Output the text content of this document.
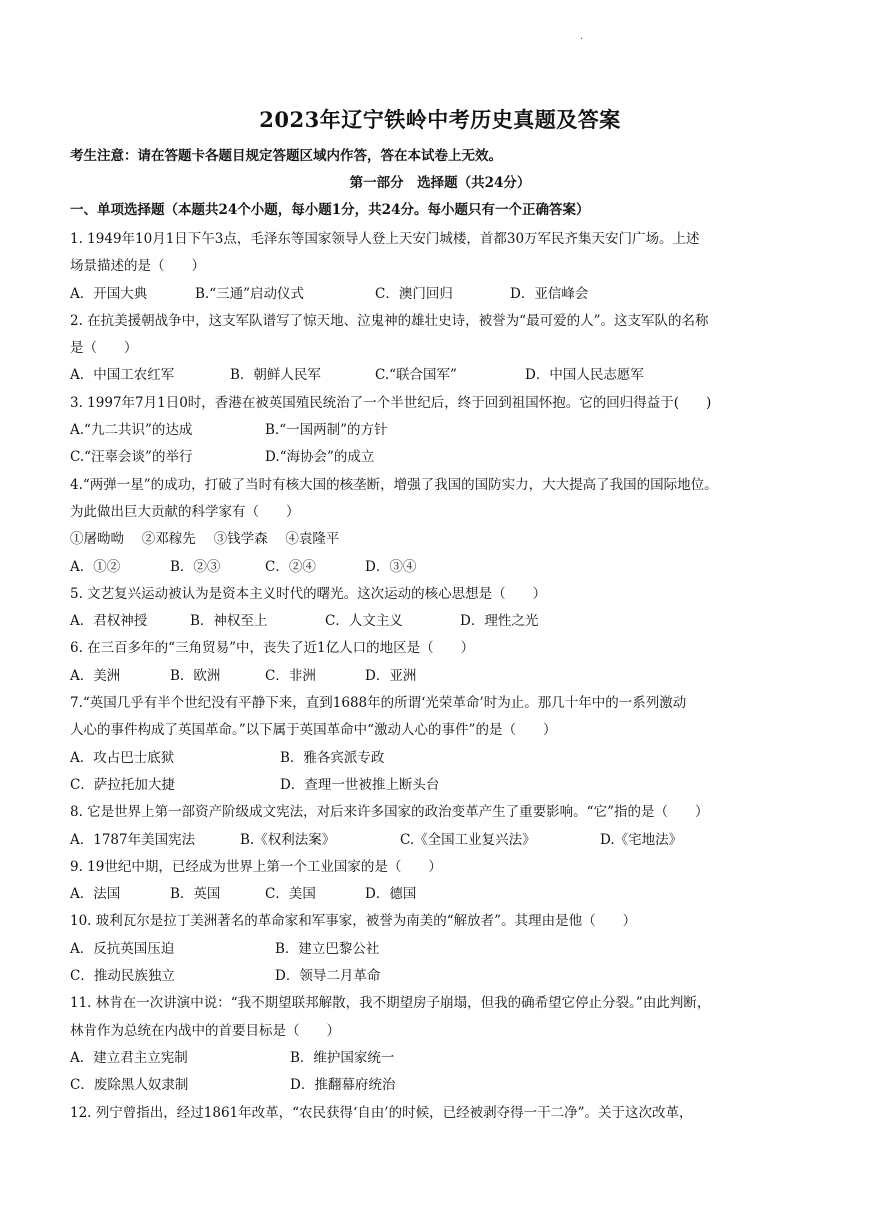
·
2023年辽宁铁岭中考历史真题及答案
考生注意：请在答题卡各题目规定答题区域内作答，答在本试卷上无效。
第一部分　选择题（共24分）
一、单项选择题（本题共24个小题，每小题1分，共24分。每小题只有一个正确答案）
1. 1949年10月1日下午3点，毛泽东等国家领导人登上天安门城楼，首都30万军民齐集天安门广场。上述
场景描述的是（　　）
A．开国大典	B.“三通”启动仪式	C．澳门回归	D．亚信峰会
2. 在抗美援朝战争中，这支军队谱写了惊天地、泣鬼神的雄壮史诗，被誉为“最可爱的人”。这支军队的名称
是（　　）
A．中国工农红军	B．朝鲜人民军	C.“联合国军”	D．中国人民志愿军
3. 1997年7月1日0时，香港在被英国殖民统治了一个半世纪后，终于回到祖国怀抱。它的回归得益于(　　)
A.“九二共识”的达成	B.“一国两制”的方针
C.“汪辜会谈”的举行	D.“海协会”的成立
4.“两弹一星”的成功，打破了当时有核大国的核垄断，增强了我国的国防实力，大大提高了我国的国际地位。
为此做出巨大贡献的科学家有（　　）
①屠呦呦　 ②邓稼先　 ③钱学森　 ④袁隆平
A．①②	B．②③	C．②④	D．③④
5. 文艺复兴运动被认为是资本主义时代的曙光。这次运动的核心思想是（　　）
A．君权神授	B．神权至上	C．人文主义	D．理性之光
6. 在三百多年的“三角贸易”中，丧失了近1亿人口的地区是（　　）
A．美洲	B．欧洲	C．非洲	D．亚洲
7.“英国几乎有半个世纪没有平静下来，直到1688年的所谓‘光荣革命’时为止。那几十年中的一系列激动
人心的事件构成了英国革命。”以下属于英国革命中“激动人心的事件”的是（　　）
A．攻占巴士底狱	B．雅各宾派专政
C．萨拉托加大捷	D．查理一世被推上断头台
8. 它是世界上第一部资产阶级成文宪法，对后来许多国家的政治变革产生了重要影响。“它”指的是（　　）
A．1787年美国宪法	B.《权利法案》	C.《全国工业复兴法》	D.《宅地法》
9. 19世纪中期，已经成为世界上第一个工业国家的是（　　）
A．法国	B．英国	C．美国	D．德国
10. 玻利瓦尔是拉丁美洲著名的革命家和军事家，被誉为南美的“解放者”。其理由是他（　　）
A．反抗英国压迫	B．建立巴黎公社
C．推动民族独立	D．领导二月革命
11. 林肯在一次讲演中说：“我不期望联邦解散，我不期望房子崩塌，但我的确希望它停止分裂。”由此判断，
林肯作为总统在内战中的首要目标是（　　）
A．建立君主立宪制	B．维护国家统一
C．废除黑人奴隶制	D．推翻幕府统治
12. 列宁曾指出，经过1861年改革，“农民获得‘自由’的时候，已经被剥夺得一干二净”。关于这次改革，
